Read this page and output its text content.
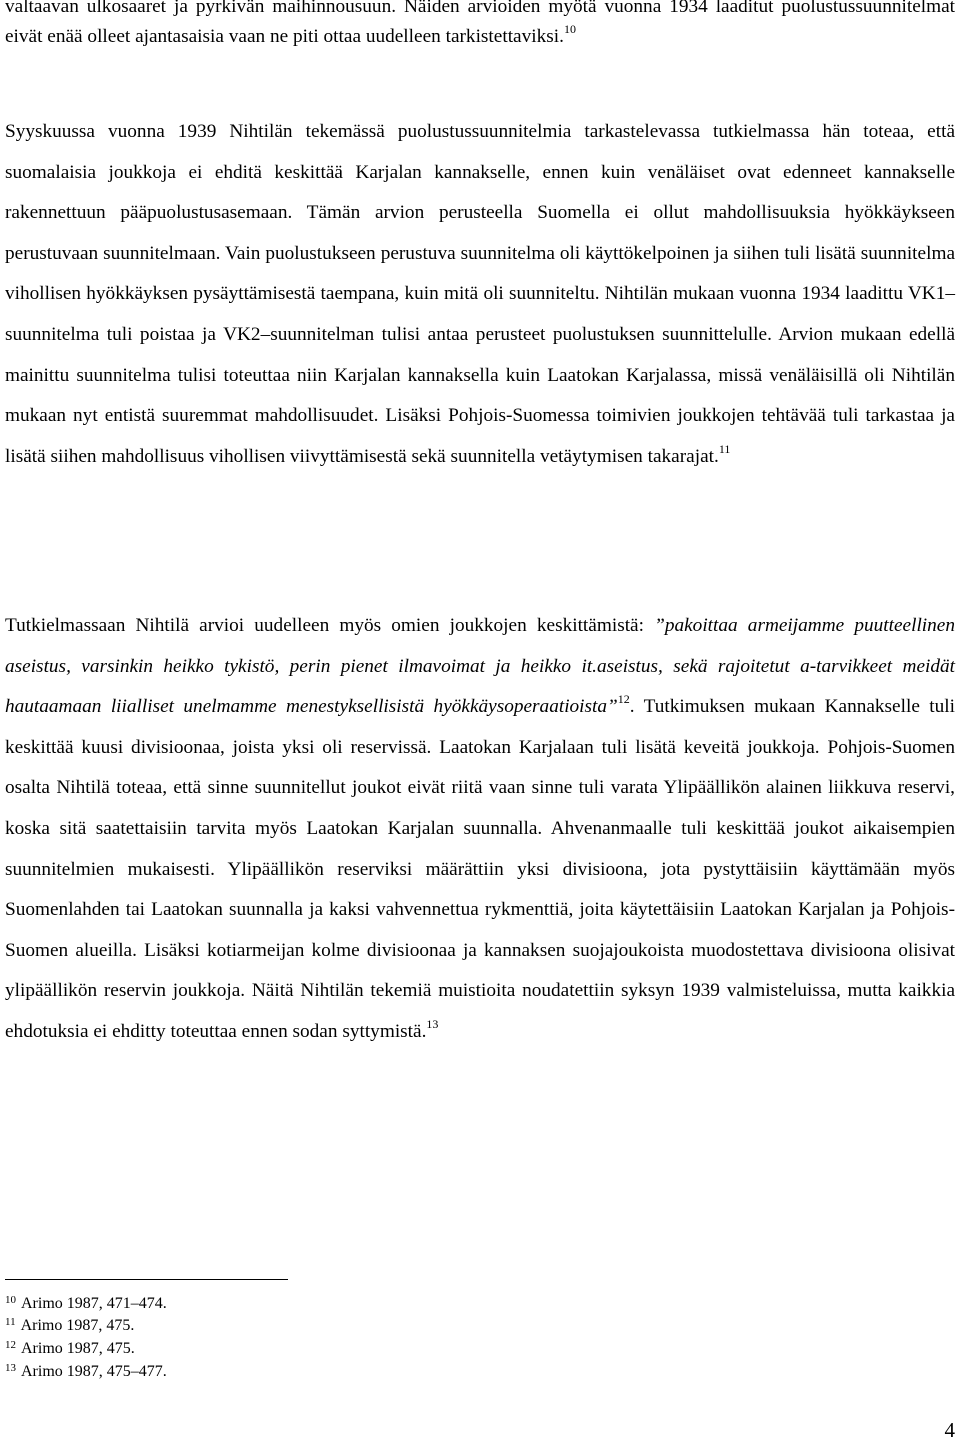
valtaavan ulkosaaret ja pyrkivän maihinnousuun. Näiden arvioiden myötä vuonna 1934 laaditut puolustussuunnitelmat eivät enää olleet ajantasaisia vaan ne piti ottaa uudelleen tarkistettaviksi.$^{10}$

Syyskuussa vuonna 1939 Nihtilän tekemässä puolustussuunnitelmia tarkastelevassa tutkielmassa hän toteaa, että suomalaisia joukkoja ei ehditä keskittää Karjalan kannakselle, ennen kuin venäläiset ovat edenneet kannakselle rakennettuun pääpuolustusasemaan. Tämän arvion perusteella Suomella ei ollut mahdollisuuksia hyökkäykseen perustuvaan suunnitelmaan. Vain puolustukseen perustuva suunnitelma oli käyttökelpoinen ja siihen tuli lisätä suunnitelma vihollisen hyökkäyksen pysäyttämisestä taempana, kuin mitä oli suunniteltu. Nihtilän mukaan vuonna 1934 laadittu VK1– suunnitelma tuli poistaa ja VK2–suunnitelman tulisi antaa perusteet puolustuksen suunnittelulle. Arvion mukaan edellä mainittu suunnitelma tulisi toteuttaa niin Karjalan kannaksella kuin Laatokan Karjalassa, missä venäläisillä oli Nihtilän mukaan nyt entistä suuremmat mahdollisuudet. Lisäksi Pohjois-Suomessa toimivien joukkojen tehtävää tuli tarkastaa ja lisätä siihen mahdollisuus vihollisen viivyttämisestä sekä suunnitella vetäytymisen takarajat.$^{11}$

Tutkielmassaan Nihtilä arvioi uudelleen myös omien joukkojen keskittämistä: ”pakoittaa armeijamme puutteellinen aseistus, varsinkin heikko tykistö, perin pienet ilmavoimat ja heikko it.aseistus, sekä rajoitetut a-tarvikkeet meidät hautaamaan liialliset unelmamme menestyksellisistä hyökkäysoperaatioista”$^{12}$. Tutkimuksen mukaan Kannakselle tuli keskittää kuusi divisioonaa, joista yksi oli reservissä. Laatokan Karjalaan tuli lisätä keveitä joukkoja. Pohjois-Suomen osalta Nihtilä toteaa, että sinne suunnitellut joukot eivät riitä vaan sinne tuli varata Ylipäällikön alainen liikkuva reservi, koska sitä saatettaisiin tarvita myös Laatokan Karjalan suunnalla. Ahvenanmaalle tuli keskittää joukot aikaisempien suunnitelmien mukaisesti. Ylipäällikön reserviksi määrättiin yksi divisioona, jota pystyttäisiin käyttämään myös Suomenlahden tai Laatokan suunnalla ja kaksi vahvennettua rykmenttiä, joita käytettäisiin Laatokan Karjalan ja Pohjois-Suomen alueilla. Lisäksi kotiarmeijan kolme divisioonaa ja kannaksen suojajoukoista muodostettava divisioona olisivat ylipäällikön reservin joukkoja. Näitä Nihtilän tekemiä muistioita noudatettiin syksyn 1939 valmisteluissa, mutta kaikkia ehdotuksia ei ehditty toteuttaa ennen sodan syttymistä.$^{13}$

$^{10}$ Arimo 1987, 471–474.
$^{11}$ Arimo 1987, 475.
$^{12}$ Arimo 1987, 475.
$^{13}$ Arimo 1987, 475–477.
4
